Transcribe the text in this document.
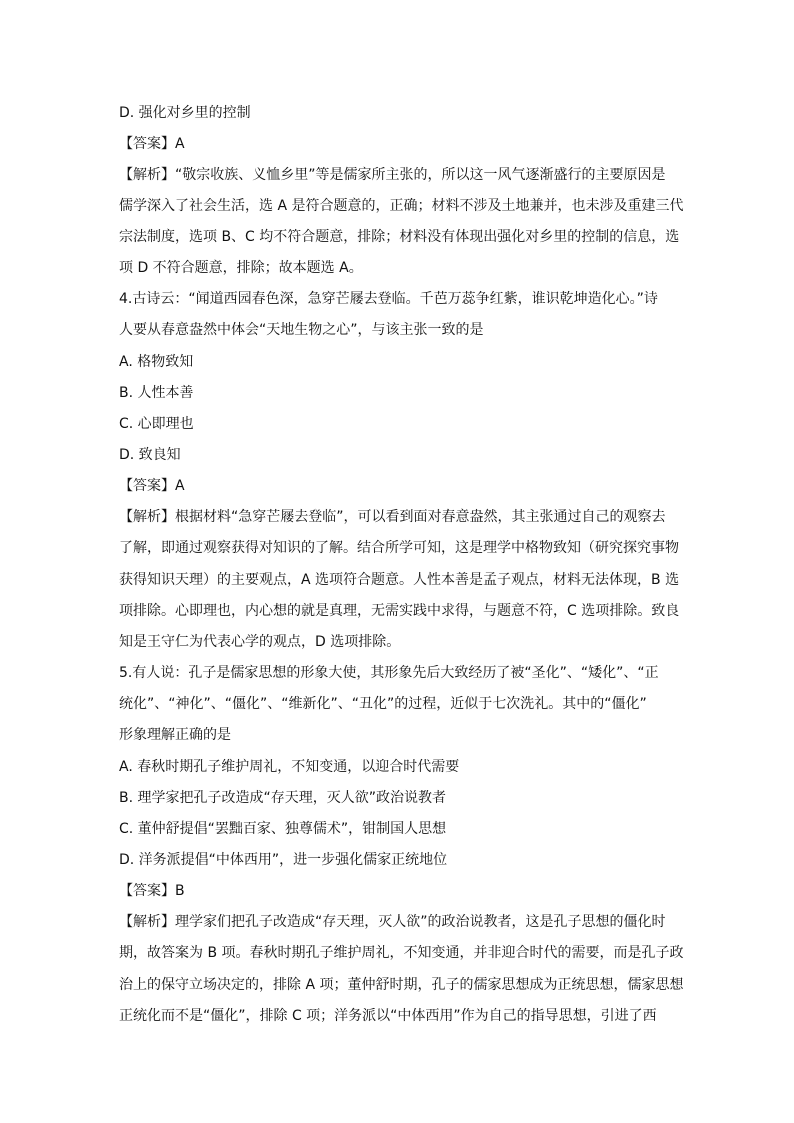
D. 强化对乡里的控制
【答案】A
【解析】“敬宗收族、义恤乡里”等是儒家所主张的，所以这一风气逐渐盛行的主要原因是
儒学深入了社会生活，选 A 是符合题意的，正确；材料不涉及土地兼并，也未涉及重建三代
宗法制度，选项 B、C 均不符合题意，排除；材料没有体现出强化对乡里的控制的信息，选
项 D 不符合题意，排除；故本题选 A。
4.古诗云：“闻道西园春色深，急穿芒屦去登临。千芭万蕊争红紫，谁识乾坤造化心。”诗
人要从春意盎然中体会“天地生物之心”，与该主张一致的是
A. 格物致知
B. 人性本善
C. 心即理也
D. 致良知
【答案】A
【解析】根据材料“急穿芒屦去登临”，可以看到面对春意盎然，其主张通过自己的观察去
了解，即通过观察获得对知识的了解。结合所学可知，这是理学中格物致知（研究探究事物
获得知识天理）的主要观点，A 选项符合题意。人性本善是孟子观点，材料无法体现，B 选
项排除。心即理也，内心想的就是真理，无需实践中求得，与题意不符，C 选项排除。致良
知是王守仁为代表心学的观点，D 选项排除。
5.有人说：孔子是儒家思想的形象大使，其形象先后大致经历了被“圣化”、“矮化”、“正
统化”、“神化”、“僵化”、“维新化”、“丑化”的过程，近似于七次洗礼。其中的“僵化”
形象理解正确的是
A. 春秋时期孔子维护周礼，不知变通，以迎合时代需要
B. 理学家把孔子改造成“存天理，灭人欲”政治说教者
C. 董仲舒提倡“罢黜百家、独尊儒术”，钳制国人思想
D. 洋务派提倡“中体西用”，进一步强化儒家正统地位
【答案】B
【解析】理学家们把孔子改造成“存天理，灭人欲”的政治说教者，这是孔子思想的僵化时
期，故答案为 B 项。春秋时期孔子维护周礼，不知变通，并非迎合时代的需要，而是孔子政
治上的保守立场决定的，排除 A 项；董仲舒时期，孔子的儒家思想成为正统思想，儒家思想
正统化而不是“僵化”，排除 C 项；洋务派以“中体西用”作为自己的指导思想，引进了西
